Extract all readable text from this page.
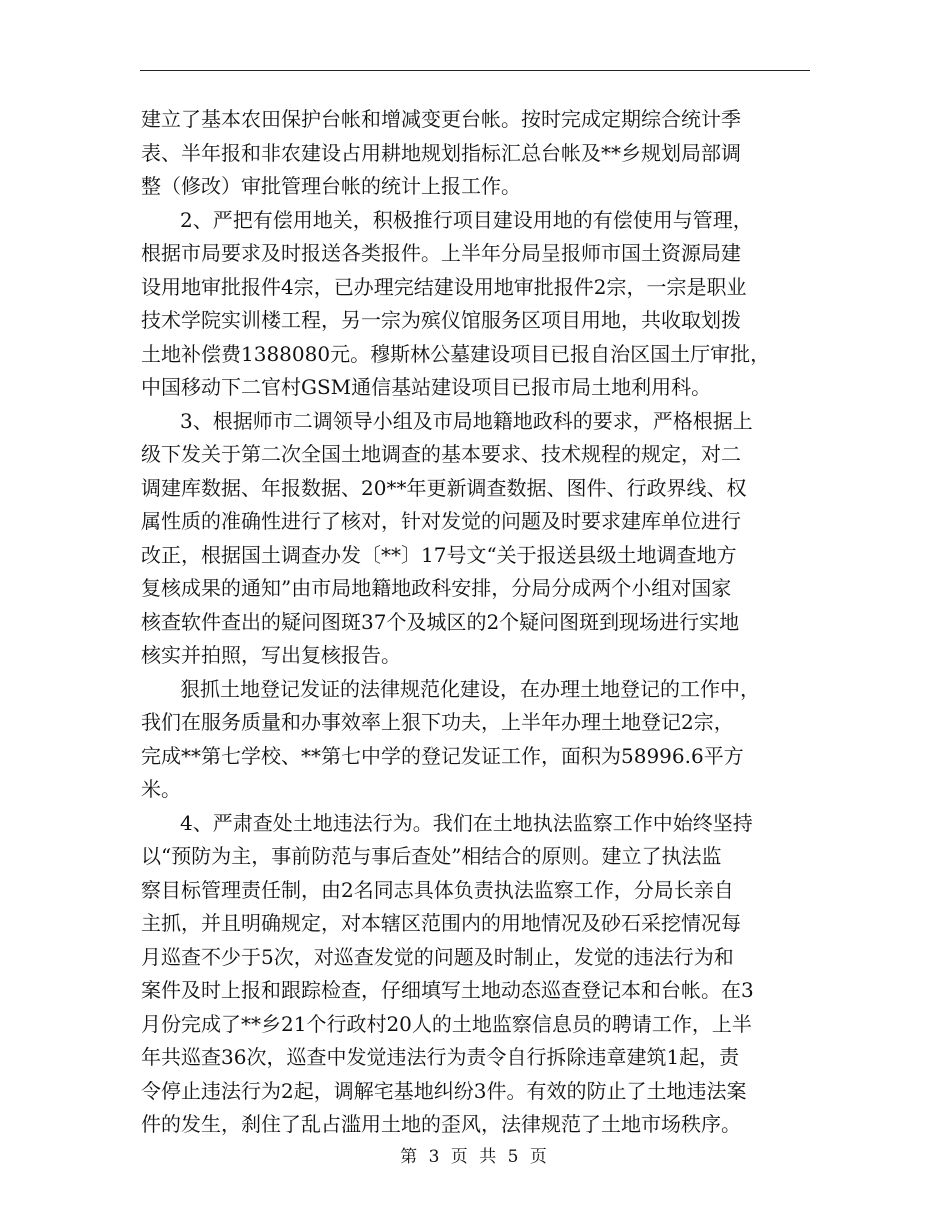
建立了基本农田保护台帐和增减变更台帐。按时完成定期综合统计季
表、半年报和非农建设占用耕地规划指标汇总台帐及**乡规划局部调
整（修改）审批管理台帐的统计上报工作。
2、严把有偿用地关，积极推行项目建设用地的有偿使用与管理，
根据市局要求及时报送各类报件。上半年分局呈报师市国土资源局建
设用地审批报件4宗，已办理完结建设用地审批报件2宗，一宗是职业
技术学院实训楼工程，另一宗为殡仪馆服务区项目用地，共收取划拨
土地补偿费1388080元。穆斯林公墓建设项目已报自治区国土厅审批，
中国移动下二官村GSM通信基站建设项目已报市局土地利用科。
3、根据师市二调领导小组及市局地籍地政科的要求，严格根据上
级下发关于第二次全国土地调查的基本要求、技术规程的规定，对二
调建库数据、年报数据、20**年更新调查数据、图件、行政界线、权
属性质的准确性进行了核对，针对发觉的问题及时要求建库单位进行
改正，根据国土调查办发〔**〕17号文“关于报送县级土地调查地方
复核成果的通知”由市局地籍地政科安排，分局分成两个小组对国家
核查软件查出的疑问图斑37个及城区的2个疑问图斑到现场进行实地
核实并拍照，写出复核报告。
狠抓土地登记发证的法律规范化建设，在办理土地登记的工作中，
我们在服务质量和办事效率上狠下功夫，上半年办理土地登记2宗，
完成**第七学校、**第七中学的登记发证工作，面积为58996.6平方
米。
4、严肃查处土地违法行为。我们在土地执法监察工作中始终坚持
以“预防为主，事前防范与事后查处”相结合的原则。建立了执法监
察目标管理责任制，由2名同志具体负责执法监察工作，分局长亲自
主抓，并且明确规定，对本辖区范围内的用地情况及砂石采挖情况每
月巡查不少于5次，对巡查发觉的问题及时制止，发觉的违法行为和
案件及时上报和跟踪检查，仔细填写土地动态巡查登记本和台帐。在3
月份完成了**乡21个行政村20人的土地监察信息员的聘请工作，上半
年共巡查36次，巡查中发觉违法行为责令自行拆除违章建筑1起，责
令停止违法行为2起，调解宅基地纠纷3件。有效的防止了土地违法案
件的发生，刹住了乱占滥用土地的歪风，法律规范了土地市场秩序。
第 3 页 共 5 页
